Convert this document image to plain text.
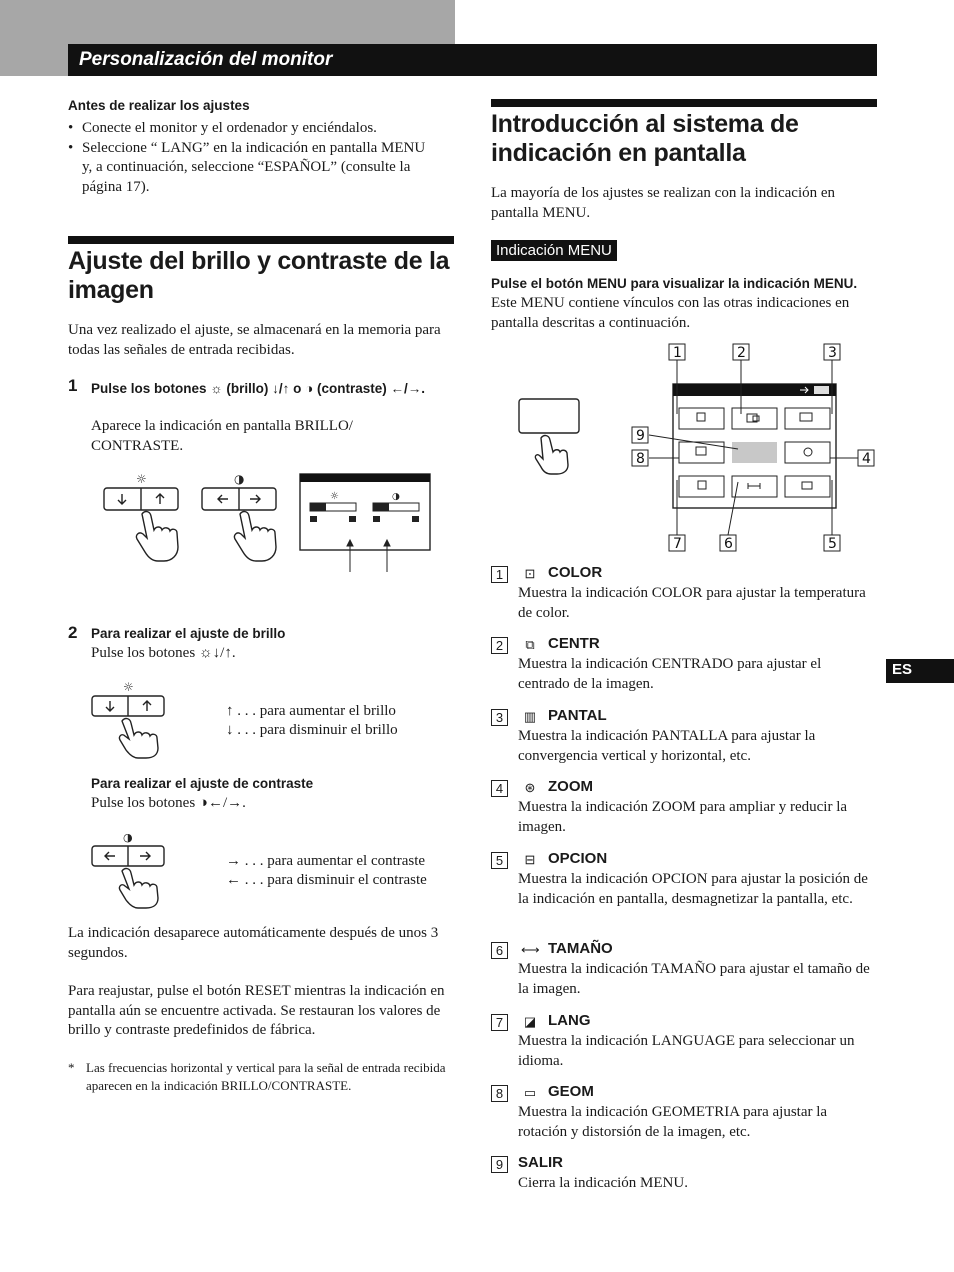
Personalización del monitor
Antes de realizar los ajustes
• Conecte el monitor y el ordenador y enciéndalos.
• Seleccione “ LANG” en la indicación en pantalla MENU y, a continuación, seleccione “ESPAÑOL” (consulte la página 17).
Ajuste del brillo y contraste de la imagen
Una vez realizado el ajuste, se almacenará en la memoria para todas las señales de entrada recibidas.
1 Pulse los botones ☼ (brillo) ↓/↑ o ◑ (contraste) ←/→.
Aparece la indicación en pantalla BRILLO/ CONTRASTE.
☼	◑
☼	◑
2 Para realizar el ajuste de brillo
Pulse los botones ☼↓/↑.
☼
↑ . . . para aumentar el brillo
↓ . . . para disminuir el brillo
Para realizar el ajuste de contraste
Pulse los botones ◑←/→.
◑
→ . . . para aumentar el contraste
← . . . para disminuir el contraste
La indicación desaparece automáticamente después de unos 3 segundos.
Para reajustar, pulse el botón RESET mientras la indicación en pantalla aún se encuentre activada. Se restauran los valores de brillo y contraste predefinidos de fábrica.
* Las frecuencias horizontal y vertical para la señal de entrada recibida aparecen en la indicación BRILLO/CONTRASTE.
Introducción al sistema de indicación en pantalla
La mayoría de los ajustes se realizan con la indicación en pantalla MENU.
Indicación MENU
Pulse el botón MENU para visualizar la indicación MENU.
Este MENU contiene vínculos con las otras indicaciones en pantalla descritas a continuación.
1	2	3
4
5
6
7
8
9
1	⊡ COLOR
Muestra la indicación COLOR para ajustar la temperatura de color.
2	⧉ CENTR
Muestra la indicación CENTRADO para ajustar el centrado de la imagen.
3	▥ PANTAL
Muestra la indicación PANTALLA para ajustar la convergencia vertical y horizontal, etc.
4	⊛ ZOOM
Muestra la indicación ZOOM para ampliar y reducir la imagen.
5	⊟ OPCION
Muestra la indicación OPCION para ajustar la posición de la indicación en pantalla, desmagnetizar la pantalla, etc.
6	⟷ TAMAÑO
Muestra la indicación TAMAÑO para ajustar el tamaño de la imagen.
7	◪ LANG
Muestra la indicación LANGUAGE para seleccionar un idioma.
8	▭ GEOM
Muestra la indicación GEOMETRIA para ajustar la rotación y distorsión de la imagen, etc.
9 SALIR
Cierra la indicación MENU.
ES
